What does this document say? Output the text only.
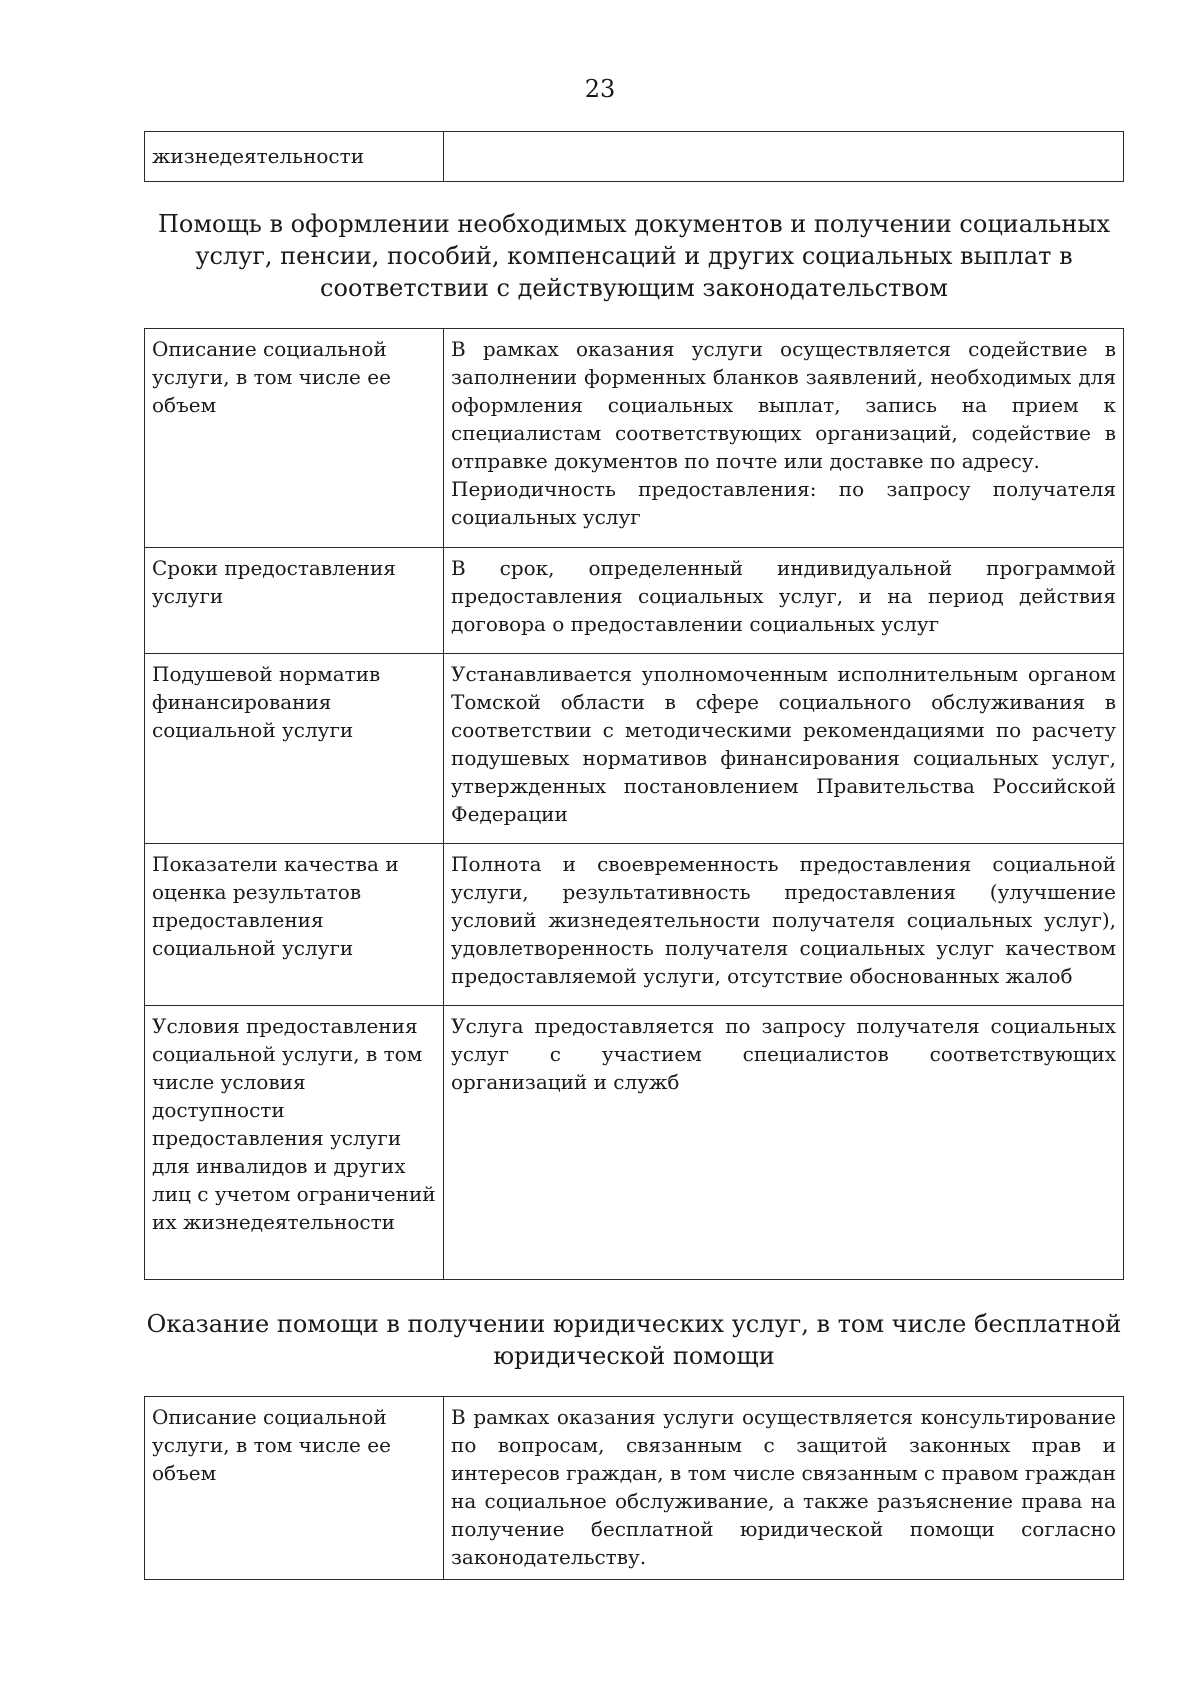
23
жизнедеятельности	
Помощь в оформлении необходимых документов и получении социальных услуг, пенсии, пособий, компенсаций и других социальных выплат в соответствии с действующим законодательством
Описание социальной услуги, в том числе ее объем	В рамках оказания услуги осуществляется содействие в заполнении форменных бланков заявлений, необходимых для оформления социальных выплат, запись на прием к специалистам соответствующих организаций, содействие в отправке документов по почте или доставке по адресу.
Периодичность предоставления: по запросу получателя социальных услуг

Сроки предоставления услуги	В срок, определенный индивидуальной программой предоставления социальных услуг, и на период действия договора о предоставлении социальных услуг
Подушевой норматив финансирования социальной услуги	Устанавливается уполномоченным исполнительным органом Томской области в сфере социального обслуживания в соответствии с методическими рекомендациями по расчету подушевых нормативов финансирования социальных услуг, утвержденных постановлением Правительства Российской Федерации
Показатели качества и оценка результатов предоставления социальной услуги	Полнота и своевременность предоставления социальной услуги, результативность предоставления (улучшение условий жизнедеятельности получателя социальных услуг), удовлетворенность получателя социальных услуг качеством предоставляемой услуги, отсутствие обоснованных жалоб
Условия предоставления социальной услуги, в том числе условия доступности предоставления услуги для инвалидов и других лиц с учетом ограничений их жизнедеятельности	Услуга предоставляется по запросу получателя социальных услуг с участием специалистов соответствующих организаций и служб
Оказание помощи в получении юридических услуг, в том числе бесплатной юридической помощи
Описание социальной услуги, в том числе ее объем	В рамках оказания услуги осуществляется консультирование по вопросам, связанным с защитой законных прав и интересов граждан, в том числе связанным с правом граждан на социальное обслуживание, а также разъяснение права на получение бесплатной юридической помощи согласно законодательству.
